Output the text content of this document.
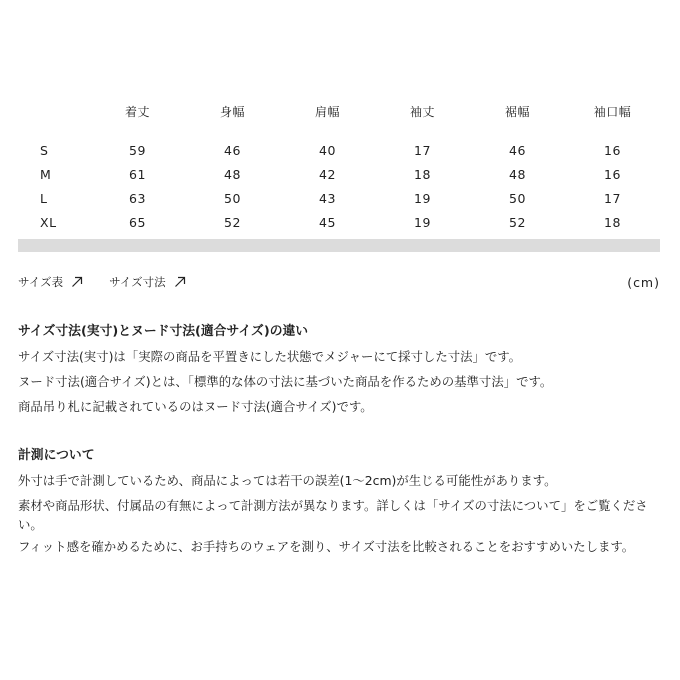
	着丈	身幅	肩幅	袖丈	裾幅	袖口幅
S	59	46	40	17	46	16
M	61	48	42	18	48	16
L	63	50	43	19	50	17
XL	65	52	45	19	52	18
サイズ表	サイズ寸法	(cm)
サイズ寸法(実寸)とヌード寸法(適合サイズ)の違い

サイズ寸法(実寸)は「実際の商品を平置きにした状態でメジャーにて採寸した寸法」です。

ヌード寸法(適合サイズ)とは、「標準的な体の寸法に基づいた商品を作るための基準寸法」です。

商品吊り札に記載されているのはヌード寸法(適合サイズ)です。

計測について

外寸は手で計測しているため、商品によっては若干の誤差(1〜2cm)が生じる可能性があります。

素材や商品形状、付属品の有無によって計測方法が異なります。詳しくは「サイズの寸法について」をご覧ください。

フィット感を確かめるために、お手持ちのウェアを測り、サイズ寸法を比較されることをおすすめいたします。
